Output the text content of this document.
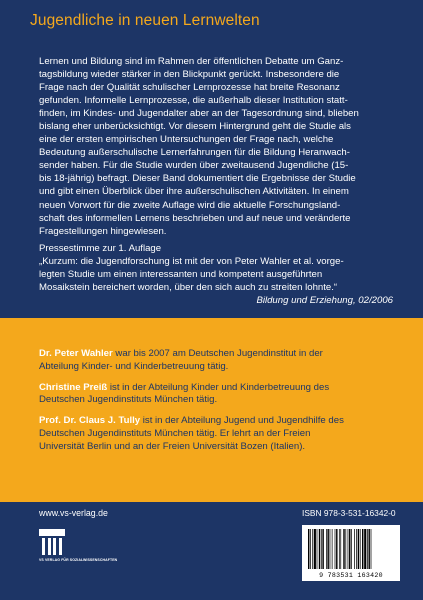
Jugendliche in neuen Lernwelten

Lernen und Bildung sind im Rahmen der öffentlichen Debatte um Ganz-

tagsbildung wieder stärker in den Blickpunkt gerückt. Insbesondere die

Frage nach der Qualität schulischer Lernprozesse hat breite Resonanz

gefunden. Informelle Lernprozesse, die außerhalb dieser Institution statt-

finden, im Kindes- und Jugendalter aber an der Tagesordnung sind, blieben

bislang eher unberücksichtigt. Vor diesem Hintergrund geht die Studie als

eine der ersten empirischen Untersuchungen der Frage nach, welche

Bedeutung außerschulische Lernerfahrungen für die Bildung Heranwach-

sender haben. Für die Studie wurden über zweitausend Jugendliche (15-

bis 18-jährig) befragt. Dieser Band dokumentiert die Ergebnisse der Studie

und gibt einen Überblick über ihre außerschulischen Aktivitäten. In einem

neuen Vorwort für die zweite Auflage wird die aktuelle Forschungsland-

schaft des informellen Lernens beschrieben und auf neue und veränderte

Fragestellungen hingewiesen.

Pressestimme zur 1. Auflage

„Kurzum: die Jugendforschung ist mit der von Peter Wahler et al. vorge-

legten Studie um einen interessanten und kompetent ausgeführten

Mosaikstein bereichert worden, über den sich auch zu streiten lohnte.“

Bildung und Erziehung, 02/2006

Dr. Peter Wahler war bis 2007 am Deutschen Jugendinstitut in der

Abteilung Kinder- und Kinderbetreuung tätig.

Christine Preiß ist in der Abteilung Kinder und Kinderbetreuung des

Deutschen Jugendinstituts München tätig.

Prof. Dr. Claus J. Tully ist in der Abteilung Jugend und Jugendhilfe des

Deutschen Jugendinstituts München tätig. Er lehrt an der Freien

Universität Berlin und an der Freien Universität Bozen (Italien).

www.vs-verlag.de
VS VERLAG FÜR SOZIALWISSENSCHAFTEN
ISBN 978-3-531-16342-0
9 783531 163420
